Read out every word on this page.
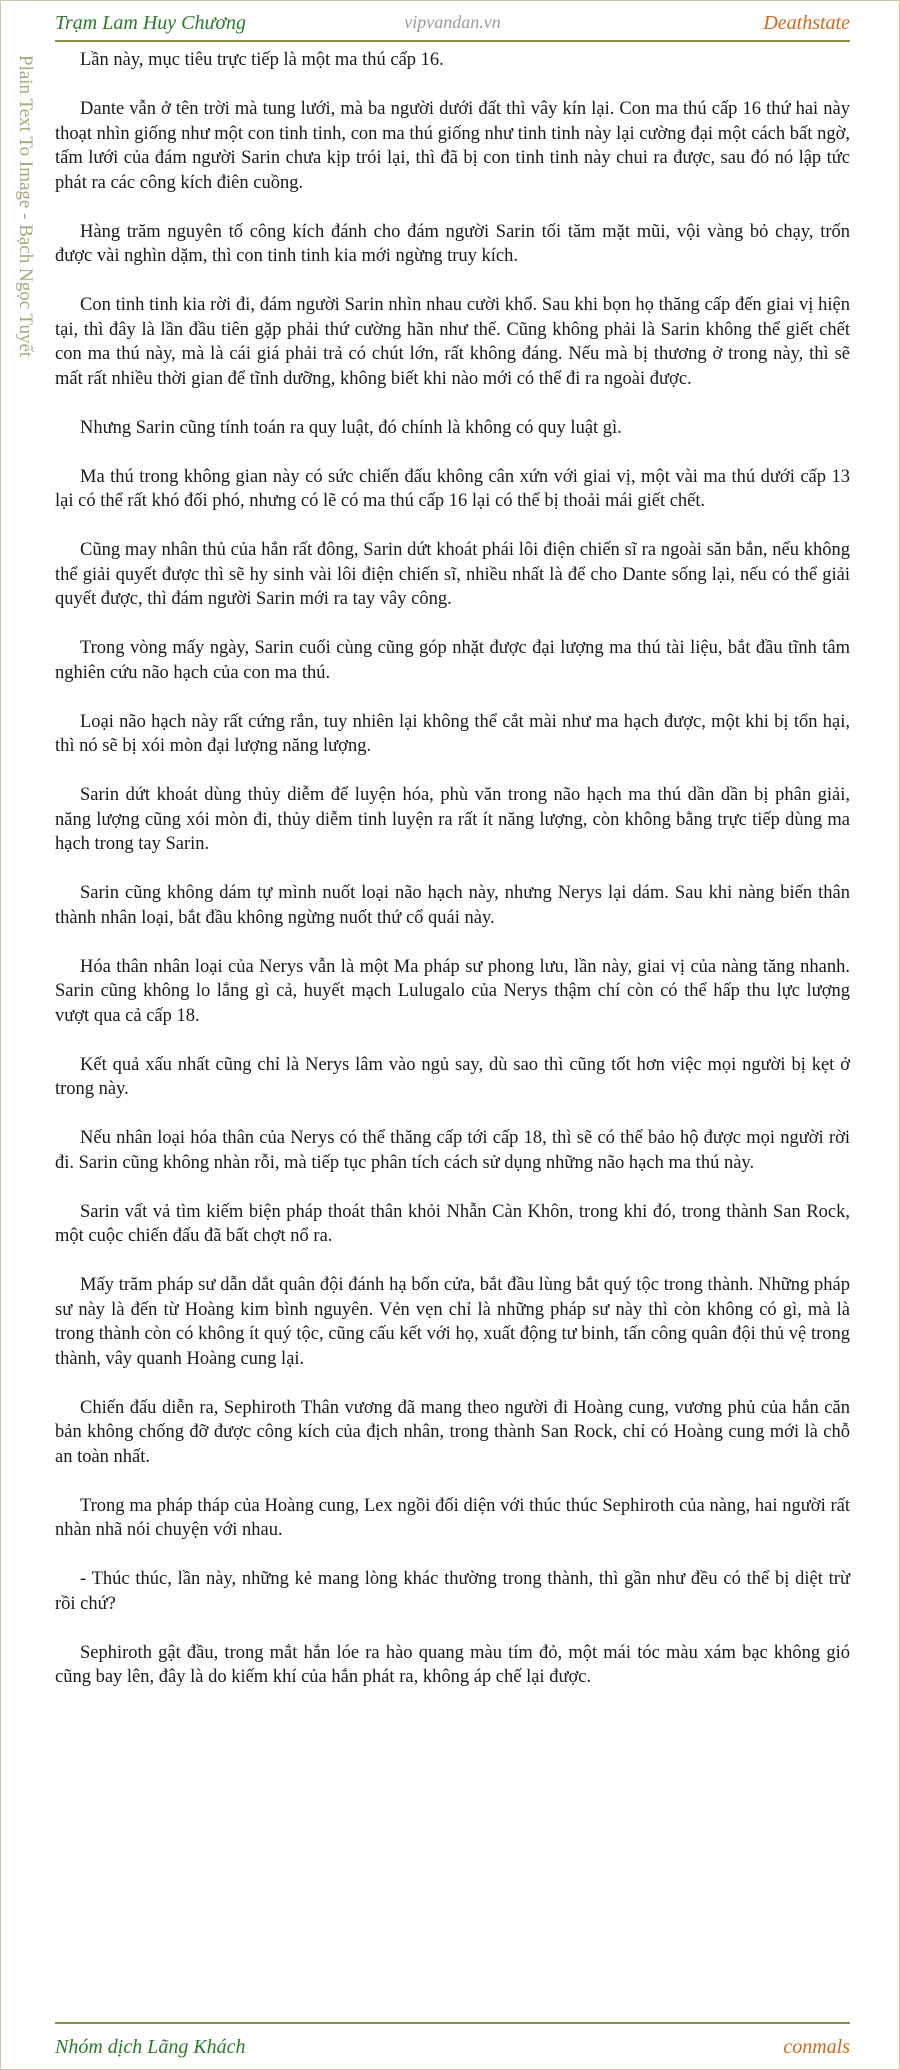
Trạm Lam Huy Chương	vipvandan.vn	Deathstate
Plain Text To Image - Bạch Ngọc Tuyết	Lần này, mục tiêu trực tiếp là một ma thú cấp 16.

Dante vẫn ở tên trời mà tung lưới, mà ba người dưới đất thì vây kín lại. Con ma thú cấp 16 thứ hai này thoạt nhìn giống như một con tinh tinh, con ma thú giống như tinh tinh này lại cường đại một cách bất ngờ, tấm lưới của đám người Sarin chưa kịp trói lại, thì đã bị con tinh tinh này chui ra được, sau đó nó lập tức phát ra các công kích điên cuồng.

Hàng trăm nguyên tố công kích đánh cho đám người Sarin tối tăm mặt mũi, vội vàng bỏ chạy, trốn được vài nghìn dặm, thì con tinh tinh kia mới ngừng truy kích.

Con tinh tinh kia rời đi, đám người Sarin nhìn nhau cười khổ. Sau khi bọn họ thăng cấp đến giai vị hiện tại, thì đây là lần đầu tiên gặp phải thứ cường hãn như thế. Cũng không phải là Sarin không thể giết chết con ma thú này, mà là cái giá phải trả có chút lớn, rất không đáng. Nếu mà bị thương ở trong này, thì sẽ mất rất nhiều thời gian để tĩnh dưỡng, không biết khi nào mới có thể đi ra ngoài được.

Nhưng Sarin cũng tính toán ra quy luật, đó chính là không có quy luật gì.

Ma thú trong không gian này có sức chiến đấu không cân xứn với giai vị, một vài ma thú dưới cấp 13 lại có thể rất khó đối phó, nhưng có lẽ có ma thú cấp 16 lại có thể bị thoải mái giết chết.

Cũng may nhân thủ của hắn rất đông, Sarin dứt khoát phái lôi điện chiến sĩ ra ngoài săn bắn, nếu không thể giải quyết được thì sẽ hy sinh vài lôi điện chiến sĩ, nhiều nhất là để cho Dante sống lại, nếu có thể giải quyết được, thì đám người Sarin mới ra tay vây công.

Trong vòng mấy ngày, Sarin cuối cùng cũng góp nhặt được đại lượng ma thú tài liệu, bắt đầu tĩnh tâm nghiên cứu não hạch của con ma thú.

Loại não hạch này rất cứng rắn, tuy nhiên lại không thể cắt mài như ma hạch được, một khi bị tổn hại, thì nó sẽ bị xói mòn đại lượng năng lượng.

Sarin dứt khoát dùng thủy diễm để luyện hóa, phù văn trong não hạch ma thú dần dần bị phân giải, năng lượng cũng xói mòn đi, thủy diễm tinh luyện ra rất ít năng lượng, còn không bằng trực tiếp dùng ma hạch trong tay Sarin.

Sarin cũng không dám tự mình nuốt loại não hạch này, nhưng Nerys lại dám. Sau khi nàng biến thân thành nhân loại, bắt đầu không ngừng nuốt thứ cổ quái này.

Hóa thân nhân loại của Nerys vẫn là một Ma pháp sư phong lưu, lần này, giai vị của nàng tăng nhanh. Sarin cũng không lo lắng gì cả, huyết mạch Lulugalo của Nerys thậm chí còn có thể hấp thu lực lượng vượt qua cả cấp 18.

Kết quả xấu nhất cũng chỉ là Nerys lâm vào ngủ say, dù sao thì cũng tốt hơn việc mọi người bị kẹt ở trong này.

Nếu nhân loại hóa thân của Nerys có thể thăng cấp tới cấp 18, thì sẽ có thể bảo hộ được mọi người rời đi. Sarin cũng không nhàn rỗi, mà tiếp tục phân tích cách sử dụng những não hạch ma thú này.

Sarin vất vả tìm kiếm biện pháp thoát thân khỏi Nhẫn Càn Khôn, trong khi đó, trong thành San Rock, một cuộc chiến đấu đã bất chợt nổ ra.

Mấy trăm pháp sư dẫn dắt quân đội đánh hạ bốn cửa, bắt đầu lùng bắt quý tộc trong thành. Những pháp sư này là đến từ Hoàng kim bình nguyên. Vẻn vẹn chỉ là những pháp sư này thì còn không có gì, mà là trong thành còn có không ít quý tộc, cũng cấu kết với họ, xuất động tư binh, tấn công quân đội thủ vệ trong thành, vây quanh Hoàng cung lại.

Chiến đấu diễn ra, Sephiroth Thân vương đã mang theo người đi Hoàng cung, vương phủ của hắn căn bản không chống đỡ được công kích của địch nhân, trong thành San Rock, chỉ có Hoàng cung mới là chỗ an toàn nhất.

Trong ma pháp tháp của Hoàng cung, Lex ngồi đối diện với thúc thúc Sephiroth của nàng, hai người rất nhàn nhã nói chuyện với nhau.

- Thúc thúc, lần này, những kẻ mang lòng khác thường trong thành, thì gần như đều có thể bị diệt trừ rồi chứ?

Sephiroth gật đầu, trong mắt hắn lóe ra hào quang màu tím đỏ, một mái tóc màu xám bạc không gió cũng bay lên, đây là do kiếm khí của hắn phát ra, không áp chế lại được.

Nhóm dịch Lãng Khách	conmals
